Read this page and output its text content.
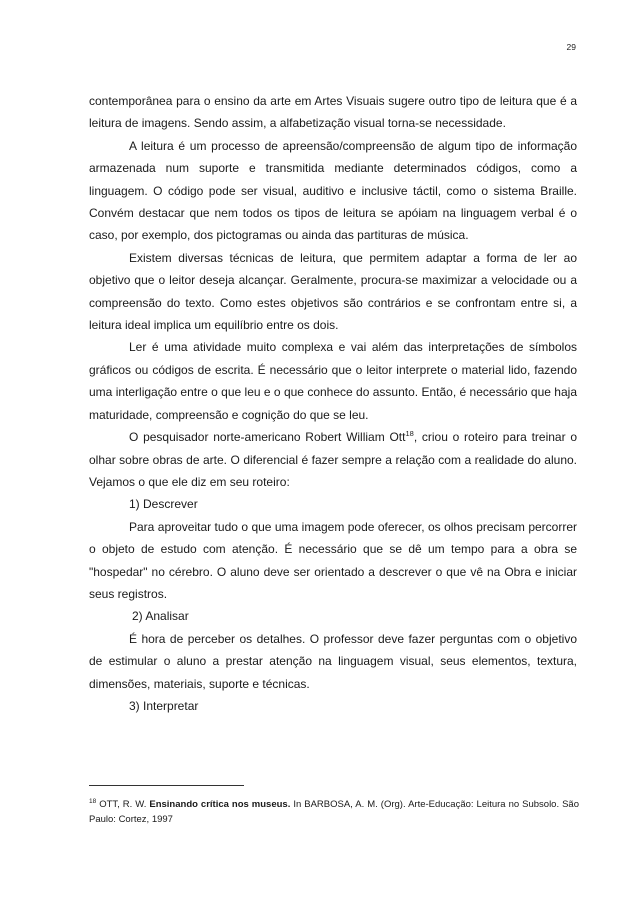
29

contemporânea para o ensino da arte em Artes Visuais sugere outro tipo de leitura que é a leitura de imagens. Sendo assim, a alfabetização visual torna-se necessidade.

A leitura é um processo de apreensão/compreensão de algum tipo de informação armazenada num suporte e transmitida mediante determinados códigos, como a linguagem. O código pode ser visual, auditivo e inclusive táctil, como o sistema Braille. Convém destacar que nem todos os tipos de leitura se apóiam na linguagem verbal é o caso, por exemplo, dos pictogramas ou ainda das partituras de música.

Existem diversas técnicas de leitura, que permitem adaptar a forma de ler ao objetivo que o leitor deseja alcançar. Geralmente, procura-se maximizar a velocidade ou a compreensão do texto. Como estes objetivos são contrários e se confrontam entre si, a leitura ideal implica um equilíbrio entre os dois.

Ler é uma atividade muito complexa e vai além das interpretações de símbolos gráficos ou códigos de escrita. É necessário que o leitor interprete o material lido, fazendo uma interligação entre o que leu e o que conhece do assunto. Então, é necessário que haja maturidade, compreensão e cognição do que se leu.

O pesquisador norte-americano Robert William Ott$^{18}$, criou o roteiro para treinar o olhar sobre obras de arte. O diferencial é fazer sempre a relação com a realidade do aluno. Vejamos o que ele diz em seu roteiro:

1) Descrever

Para aproveitar tudo o que uma imagem pode oferecer, os olhos precisam percorrer o objeto de estudo com atenção. É necessário que se dê um tempo para a obra se "hospedar" no cérebro. O aluno deve ser orientado a descrever o que vê na Obra e iniciar seus registros.

2) Analisar

É hora de perceber os detalhes. O professor deve fazer perguntas com o objetivo de estimular o aluno a prestar atenção na linguagem visual, seus elementos, textura, dimensões, materiais, suporte e técnicas.

3) Interpretar

$^{18}$ OTT, R. W. Ensinando crítica nos museus. In BARBOSA, A. M. (Org). Arte-Educação: Leitura no Subsolo. São Paulo: Cortez, 1997
